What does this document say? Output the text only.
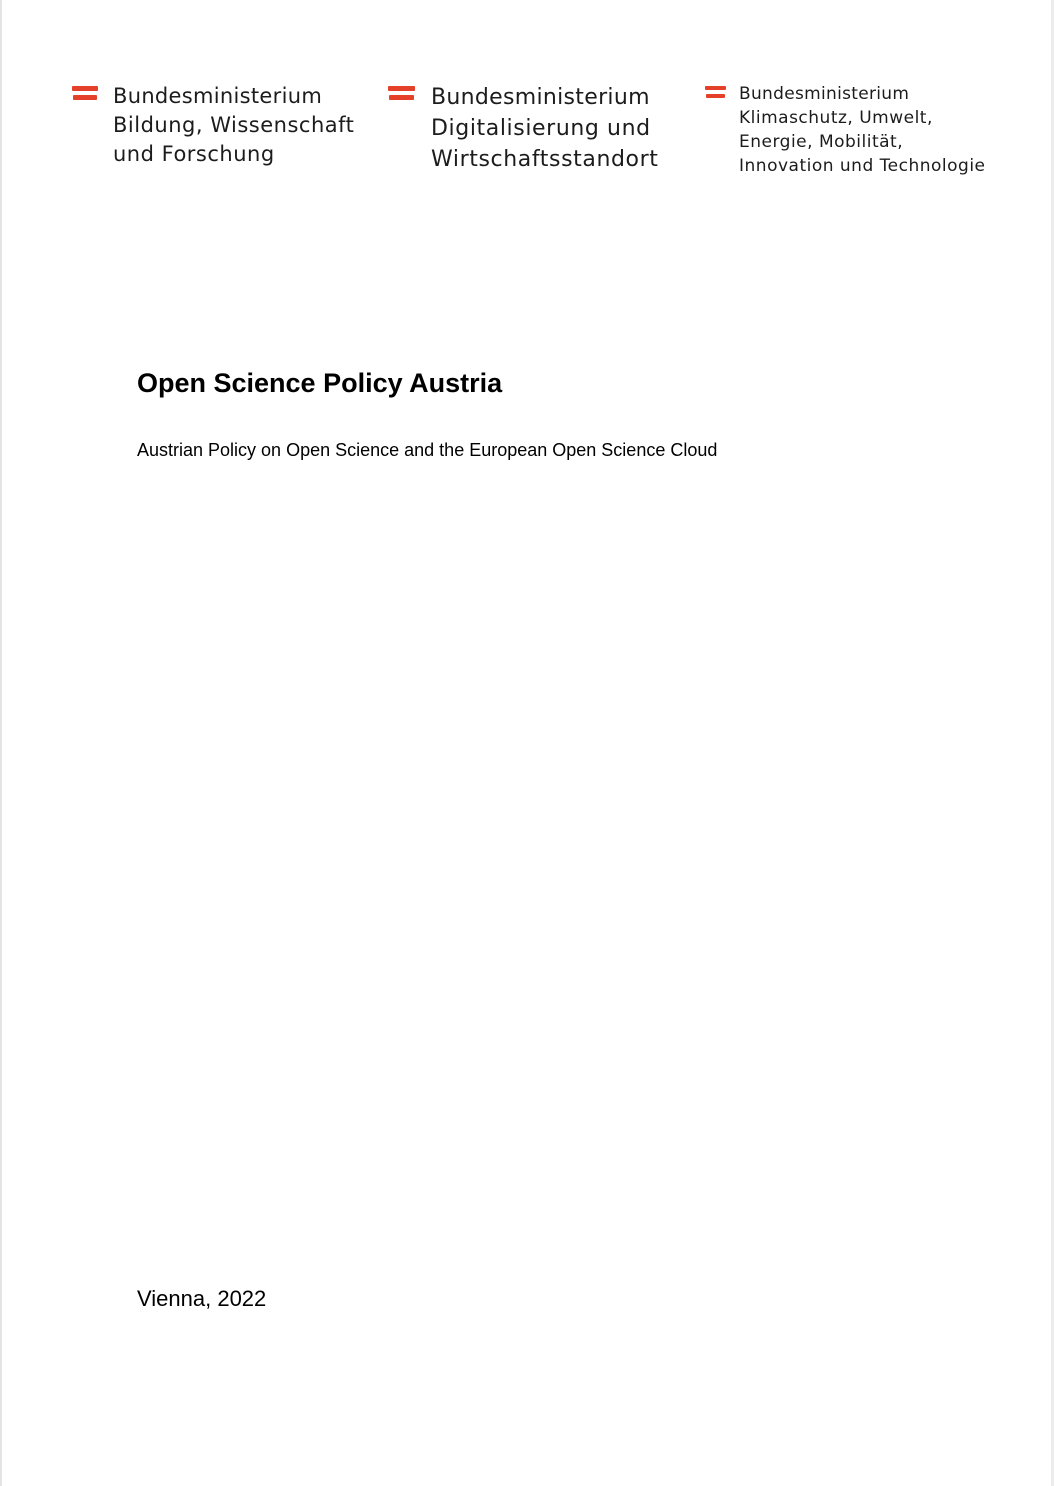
Bundesministerium
Bildung, Wissenschaft
und Forschung
Bundesministerium
Digitalisierung und
Wirtschaftsstandort
Bundesministerium
Klimaschutz, Umwelt,
Energie, Mobilität,
Innovation und Technologie
Open Science Policy Austria

Austrian Policy on Open Science and the European Open Science Cloud

Vienna, 2022
